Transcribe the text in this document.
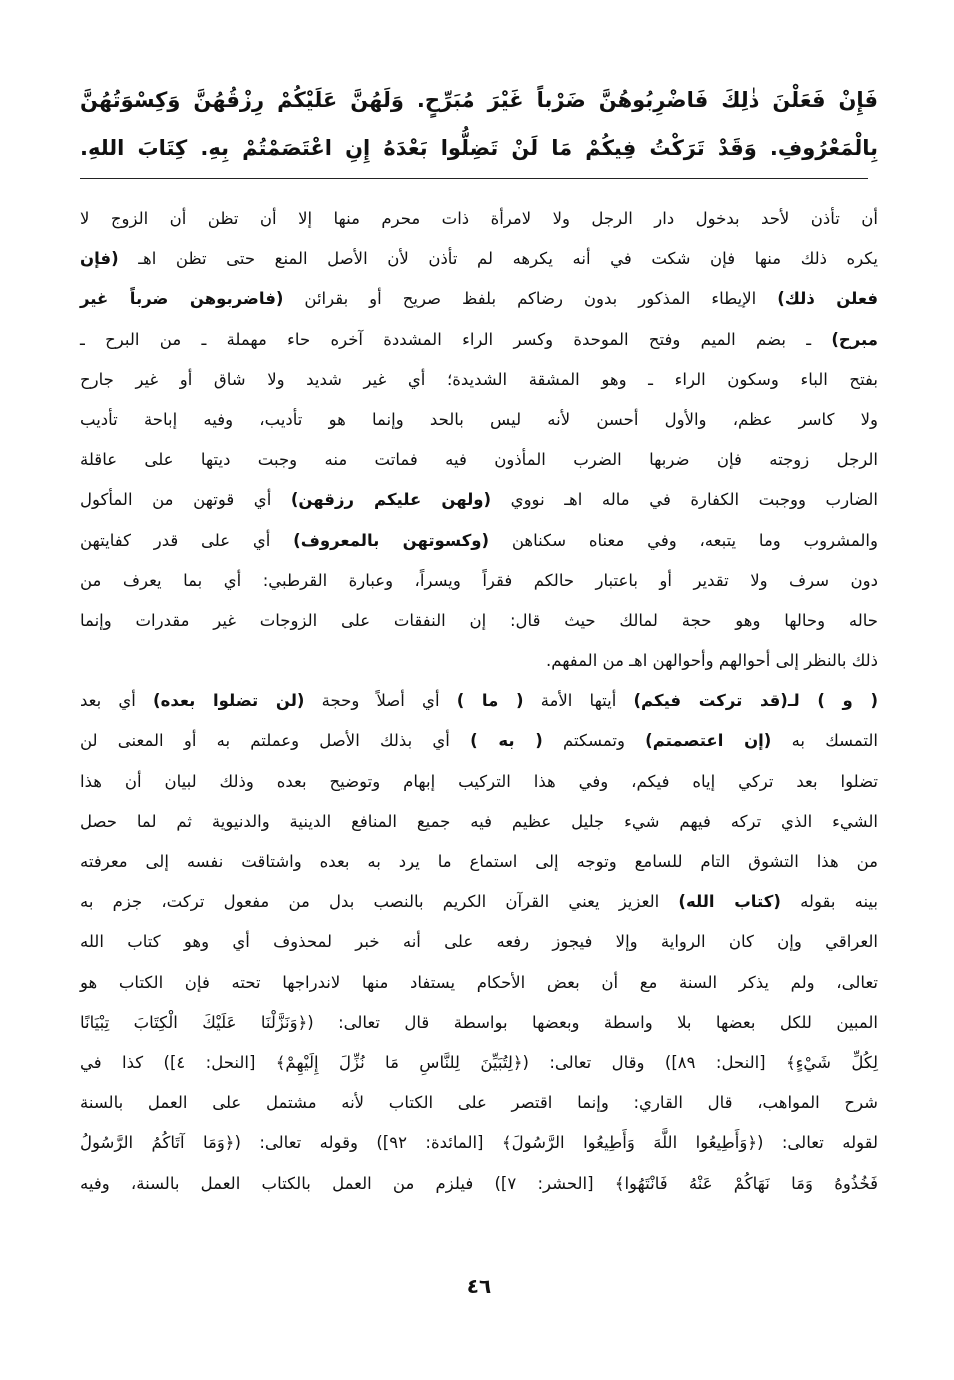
فَإِنْ فَعَلْنَ ذٰلِكَ فَاضْرِبُوهُنَّ ضَرْباً غَيْرَ مُبَرِّحٍ. وَلَهُنَّ عَلَيْكُمْ رِزْقُهُنَّ وَكِسْوَتُهُنَّ
بِالْمَعْرُوفِ. وَقَدْ تَرَكْتُ فِيكُمْ مَا لَنْ تَضِلُّوا بَعْدَهُ إِنِ اعْتَصَمْتُمْ بِهِ. كِتَابَ اللهِ.
أن تأذن لأحد بدخول دار الرجل ولا لامرأة ذات محرم منها إلا أن تظن أن الزوج لا
يكره ذلك منها فإن شكت في أنه يكرهه لم تأذن لأن الأصل المنع حتى تظن اهـ (فإن
فعلن ذلك) الإيطاء المذكور بدون رضاكم بلفظ صريح أو بقرائن (فاضربوهن ضرباً غير
مبرح) ـ بضم الميم وفتح الموحدة وكسر الراء المشددة آخره حاء مهملة ـ من البرح ـ
بفتح الباء وسكون الراء ـ وهو المشقة الشديدة؛ أي غير شديد ولا شاق أو غير جارح
ولا كاسر عظم، والأول أحسن لأنه ليس بالحد وإنما هو تأديب، وفيه إباحة تأديب
الرجل زوجته فإن ضربها الضرب المأذون فيه فماتت منه وجبت ديتها على عاقلة
الضارب ووجبت الكفارة في ماله اهـ نووي (ولهن عليكم رزقهن) أي قوتهن من المأكول
والمشروب وما يتبعه، وفي معناه سكناهن (وكسوتهن بالمعروف) أي على قدر كفايتهن
دون سرف ولا تقدير أو باعتبار حالكم فقراً ويسراً، وعبارة القرطبي: أي بما يعرف من
حاله وحالها وهو حجة لمالك حيث قال: إن النفقات على الزوجات غير مقدرات وإنما
ذلك بالنظر إلى أحوالهم وأحوالهن اهـ من المفهم.
( و ) لـ(قد تركت فيكم) أيتها الأمة ( ما ) أي أصلاً وحجة (لن تضلوا بعده) أي بعد
التمسك به (إن اعتصمتم) وتمسكتم ( به ) أي بذلك الأصل وعملتم به أو المعنى لن
تضلوا بعد تركي إياه فيكم، وفي هذا التركيب إبهام وتوضيح بعده وذلك لبيان أن هذا
الشيء الذي تركه فيهم شيء جليل عظيم فيه جميع المنافع الدينية والدنيوية ثم لما حصل
من هذا التشوق التام للسامع وتوجه إلى استماع ما يرد به بعده واشتاقت نفسه إلى معرفته
بينه بقوله (كتاب الله) العزيز يعني القرآن الكريم بالنصب بدل من مفعول تركت، جزم به
العراقي وإن كان الرواية وإلا فيجوز رفعه على أنه خبر لمحذوف أي وهو كتاب الله
تعالى، ولم يذكر السنة مع أن بعض الأحكام يستفاد منها لاندراجها تحته فإن الكتاب هو
المبين للكل بعضها بلا واسطة وبعضها بواسطة قال تعالى: (﴿وَنَزَّلْنَا عَلَيْكَ الْكِتَابَ تِبْيَانًا
لِكُلِّ شَيْءٍ﴾ [النحل: ٨٩]) وقال تعالى: (﴿لِتُبَيِّنَ لِلنَّاسِ مَا نُزِّلَ إِلَيْهِمْ﴾ [النحل: ٤]) كذا في
شرح المواهب، قال القاري: وإنما اقتصر على الكتاب لأنه مشتمل على العمل بالسنة
لقوله تعالى: (﴿وَأَطِيعُوا اللَّهَ وَأَطِيعُوا الرَّسُولَ﴾ [المائدة: ٩٢]) وقوله تعالى: (﴿وَمَا آتَاكُمُ الرَّسُولُ
فَخُذُوهُ وَمَا نَهَاكُمْ عَنْهُ فَانْتَهُوا﴾ [الحشر: ٧]) فيلزم من العمل بالكتاب العمل بالسنة، وفيه
٤٦
